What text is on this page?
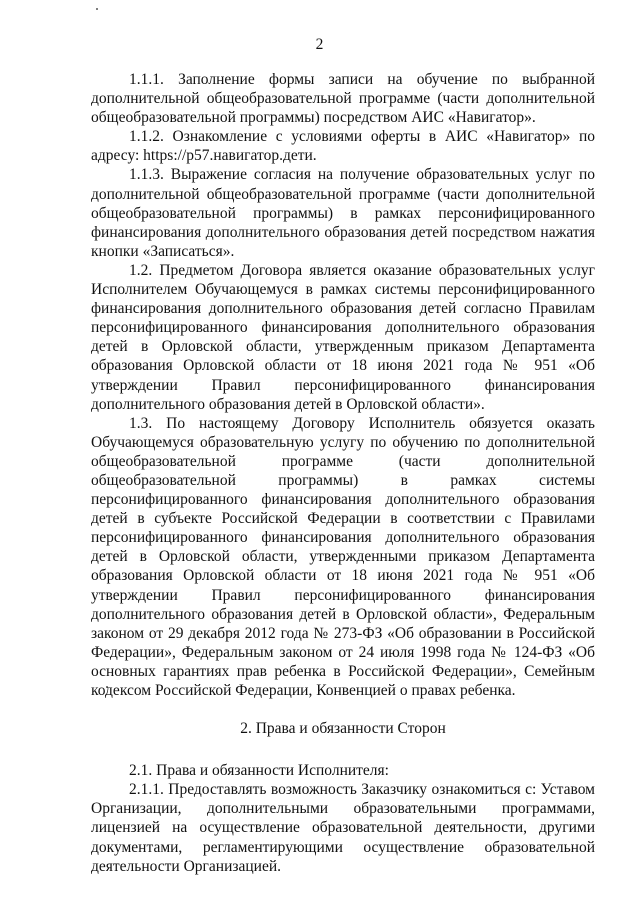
2

1.1.1. Заполнение формы записи на обучение по выбранной дополнительной общеобразовательной программе (части дополнительной общеобразовательной программы) посредством АИС «Навигатор».

1.1.2. Ознакомление с условиями оферты в АИС «Навигатор» по адресу: https://p57.навигатор.дети.

1.1.3. Выражение согласия на получение образовательных услуг по дополнительной общеобразовательной программе (части дополнительной общеобразовательной программы) в рамках персонифицированного финансирования дополнительного образования детей посредством нажатия кнопки «Записаться».

1.2. Предметом Договора является оказание образовательных услуг Исполнителем Обучающемуся в рамках системы персонифицированного финансирования дополнительного образования детей согласно Правилам персонифицированного финансирования дополнительного образования детей в Орловской области, утвержденным приказом Департамента образования Орловской области от 18 июня 2021 года № 951 «Об утверждении Правил персонифицированного финансирования дополнительного образования детей в Орловской области».

1.3. По настоящему Договору Исполнитель обязуется оказать Обучающемуся образовательную услугу по обучению по дополнительной общеобразовательной программе (части дополнительной общеобразовательной программы) в рамках системы персонифицированного финансирования дополнительного образования детей в субъекте Российской Федерации в соответствии с Правилами персонифицированного финансирования дополнительного образования детей в Орловской области, утвержденными приказом Департамента образования Орловской области от 18 июня 2021 года № 951 «Об утверждении Правил персонифицированного финансирования дополнительного образования детей в Орловской области», Федеральным законом от 29 декабря 2012 года № 273-ФЗ «Об образовании в Российской Федерации», Федеральным законом от 24 июля 1998 года № 124-ФЗ «Об основных гарантиях прав ребенка в Российской Федерации», Семейным кодексом Российской Федерации, Конвенцией о правах ребенка.

2. Права и обязанности Сторон

2.1. Права и обязанности Исполнителя:

2.1.1. Предоставлять возможность Заказчику ознакомиться с: Уставом Организации, дополнительными образовательными программами, лицензией на осуществление образовательной деятельности, другими документами, регламентирующими осуществление образовательной деятельности Организацией.
